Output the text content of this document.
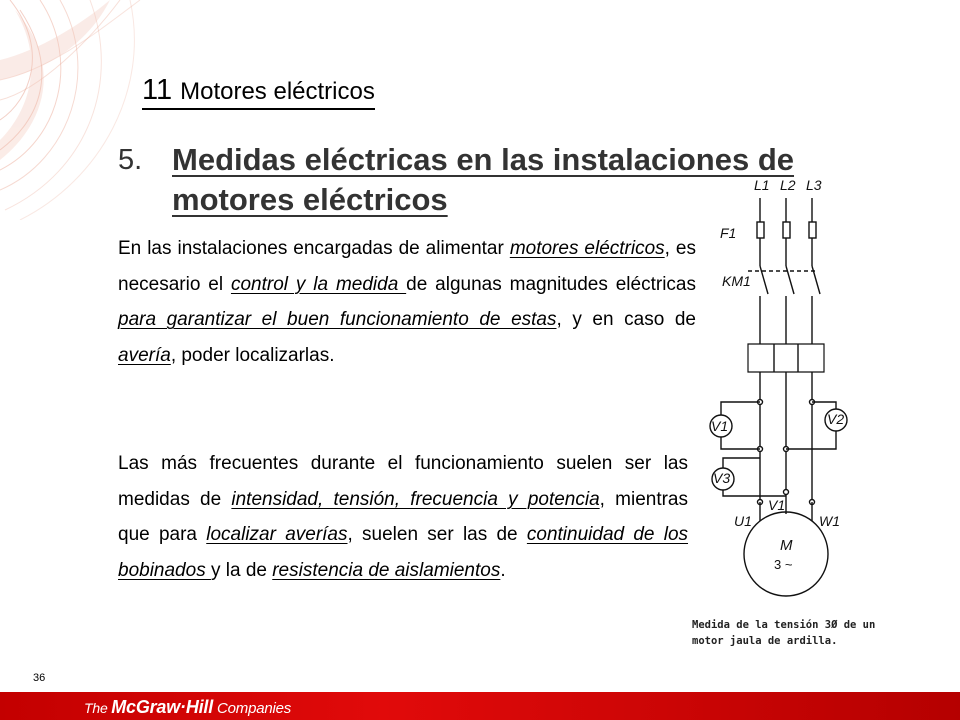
11 Motores eléctricos
5. Medidas eléctricas en las instalaciones de motores eléctricos

En las instalaciones encargadas de alimentar motores eléctricos, es necesario el control y la medida de algunas magnitudes eléctricas para garantizar el buen funcionamiento de estas, y en caso de avería, poder localizarlas.

Las más frecuentes durante el funcionamiento suelen ser las medidas de intensidad, tensión, frecuencia y potencia, mientras que para localizar averías, suelen ser las de continuidad de los bobinados y la de resistencia de aislamientos.

L1 L2 L3
F1
KM1
V1	V2
V3
U1
V1
W1
M
3 ~
Medida de la tensión 3Ø de un motor jaula de ardilla.
36
The McGraw·Hill Companies
